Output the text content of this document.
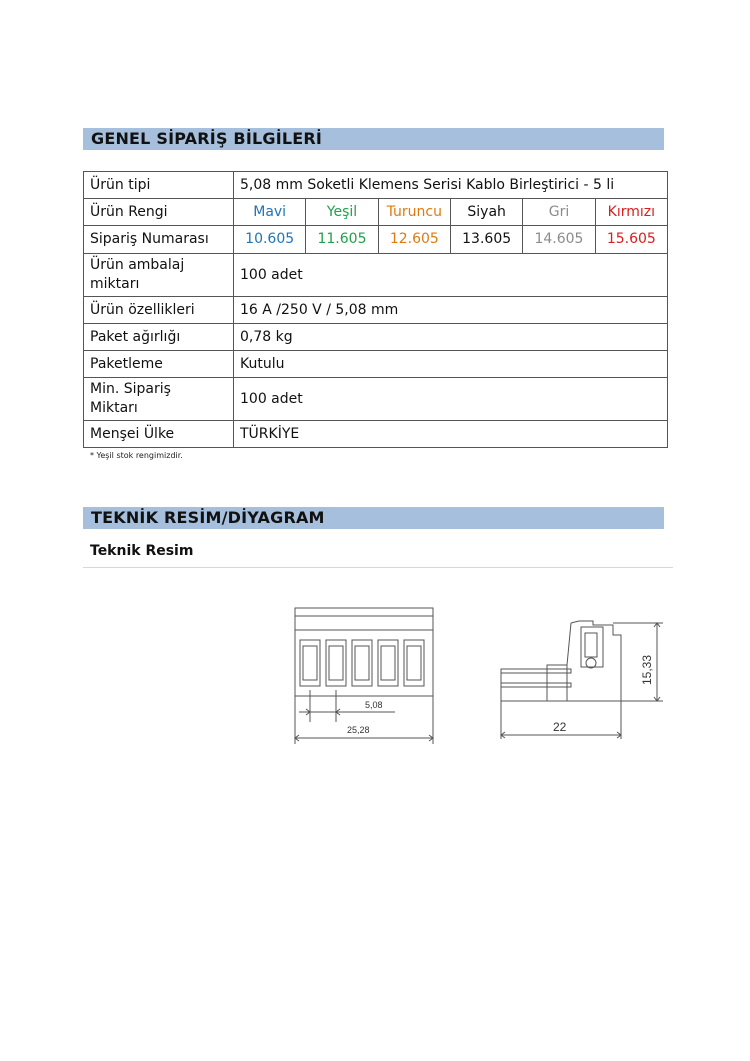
GENEL SİPARİŞ BİLGİLERİ
Ürün tipi	5,08 mm Soketli Klemens Serisi Kablo Birleştirici - 5 li					
Ürün Rengi	Mavi	Yeşil	Turuncu	Siyah	Gri	Kırmızı
Sipariş Numarası	10.605	11.605	12.605	13.605	14.605	15.605
Ürün ambalaj
miktarı	100 adet					
Ürün özellikleri	16 A /250 V / 5,08 mm					
Paket ağırlığı	0,78 kg					
Paketleme	Kutulu					
Min. Sipariş
Miktarı	100 adet					
Menşei Ülke	TÜRKİYE					
* Yeşil stok rengimizdir.
TEKNİK RESİM/DİYAGRAM
Teknik Resim
5,08
25,28	22
15,33
